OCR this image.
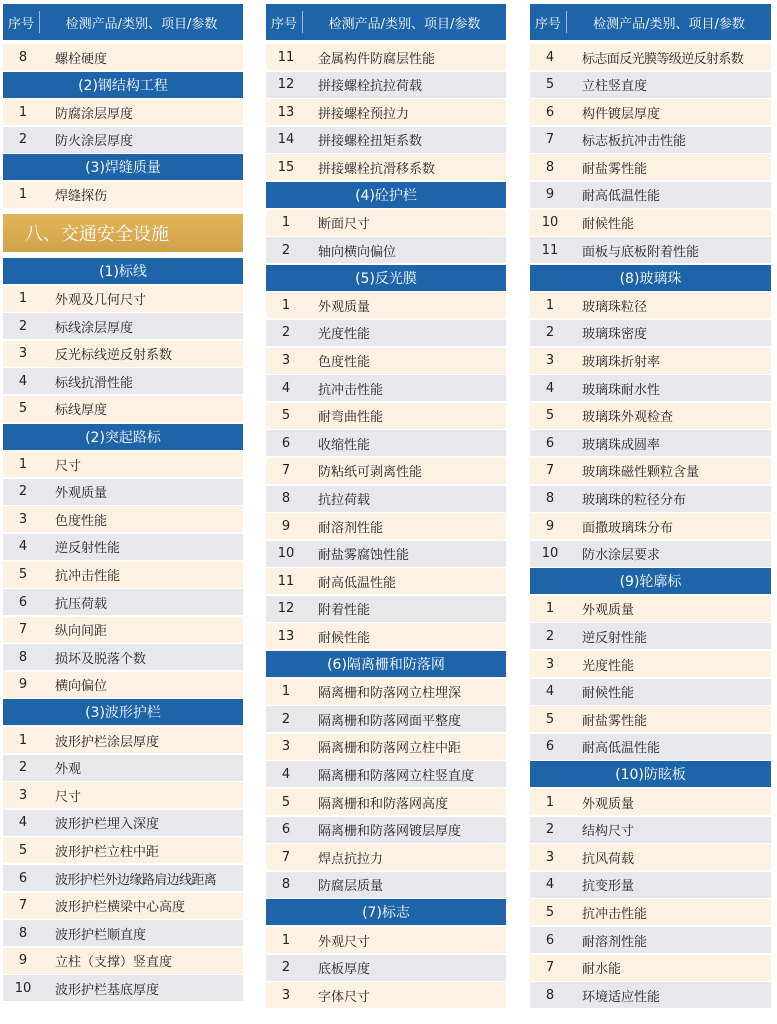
序号	检测产品/类别、项目/参数
8	螺栓硬度
(2)钢结构工程
1	防腐涂层厚度
2	防火涂层厚度
(3)焊缝质量
1	焊缝探伤
八、交通安全设施
(1)标线
1	外观及几何尺寸
2	标线涂层厚度
3	反光标线逆反射系数
4	标线抗滑性能
5	标线厚度
(2)突起路标
1	尺寸
2	外观质量
3	色度性能
4	逆反射性能
5	抗冲击性能
6	抗压荷载
7	纵向间距
8	损坏及脱落个数
9	横向偏位
(3)波形护栏
1	波形护栏涂层厚度
2	外观
3	尺寸
4	波形护栏埋入深度
5	波形护栏立柱中距
6	波形护栏外边缘路肩边线距离
7	波形护栏横梁中心高度
8	波形护栏顺直度
9	立柱（支撑）竖直度
10	波形护栏基底厚度
序号	检测产品/类别、项目/参数
11	金属构件防腐层性能
12	拼接螺栓抗拉荷载
13	拼接螺栓预拉力
14	拼接螺栓扭矩系数
15	拼接螺栓抗滑移系数
(4)砼护栏
1	断面尺寸
2	轴向横向偏位
(5)反光膜
1	外观质量
2	光度性能
3	色度性能
4	抗冲击性能
5	耐弯曲性能
6	收缩性能
7	防粘纸可剥离性能
8	抗拉荷载
9	耐溶剂性能
10	耐盐雾腐蚀性能
11	耐高低温性能
12	附着性能
13	耐候性能
(6)隔离栅和防落网
1	隔离栅和防落网立柱埋深
2	隔离栅和防落网面平整度
3	隔离栅和防落网立柱中距
4	隔离栅和防落网立柱竖直度
5	隔离栅和和防落网高度
6	隔离栅和防落网镀层厚度
7	焊点抗拉力
8	防腐层质量
(7)标志
1	外观尺寸
2	底板厚度
3	字体尺寸
序号	检测产品/类别、项目/参数
4	标志面反光膜等级逆反射系数
5	立柱竖直度
6	构件镀层厚度
7	标志板抗冲击性能
8	耐盐雾性能
9	耐高低温性能
10	耐候性能
11	面板与底板附着性能
(8)玻璃珠
1	玻璃珠粒径
2	玻璃珠密度
3	玻璃珠折射率
4	玻璃珠耐水性
5	玻璃珠外观检查
6	玻璃珠成圆率
7	玻璃珠磁性颗粒含量
8	玻璃珠的粒径分布
9	面撒玻璃珠分布
10	防水涂层要求
(9)轮廓标
1	外观质量
2	逆反射性能
3	光度性能
4	耐候性能
5	耐盐雾性能
6	耐高低温性能
(10)防眩板
1	外观质量
2	结构尺寸
3	抗风荷载
4	抗变形量
5	抗冲击性能
6	耐溶剂性能
7	耐水能
8	环境适应性能
